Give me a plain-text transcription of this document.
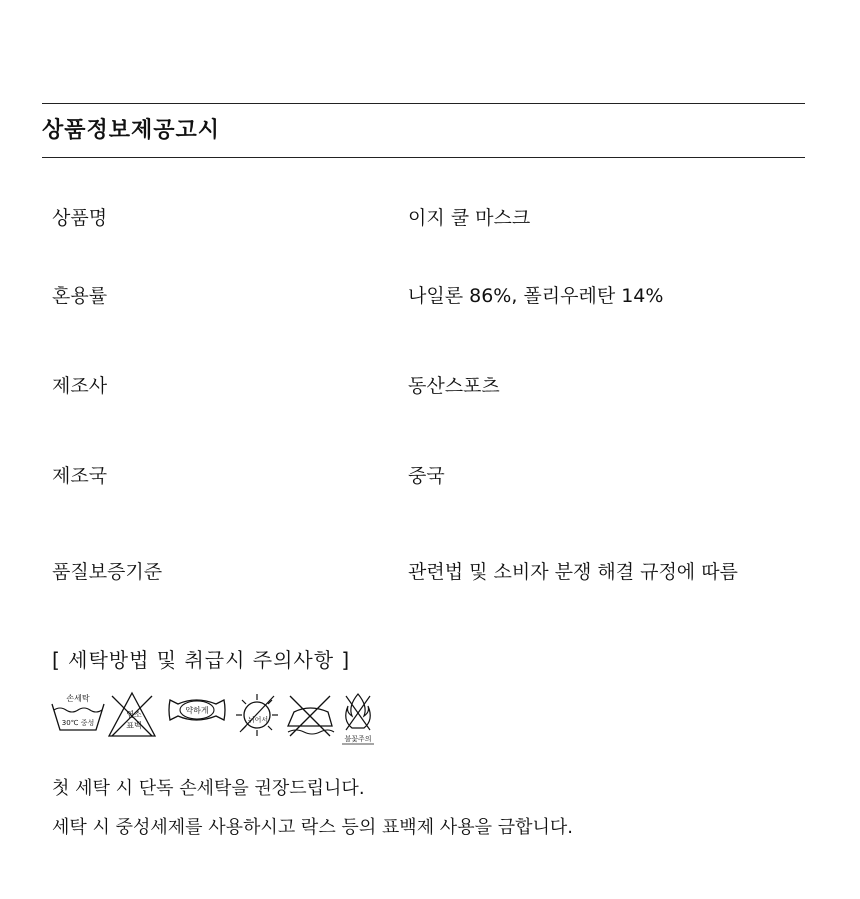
상품정보제공고시
상품명	이지 쿨 마스크
혼용률	나일론 86%, 폴리우레탄 14%
제조사	동산스포츠
제조국	중국
품질보증기준	관련법 및 소비자 분쟁 해결 규정에 따름
[ 세탁방법 및 취급시 주의사항 ]
손세탁
30℃ 중성
염소
표백
약하게
뉘어서
불꽃주의
첫 세탁 시 단독 손세탁을 권장드립니다.
세탁 시 중성세제를 사용하시고 락스 등의 표백제 사용을 금합니다.
